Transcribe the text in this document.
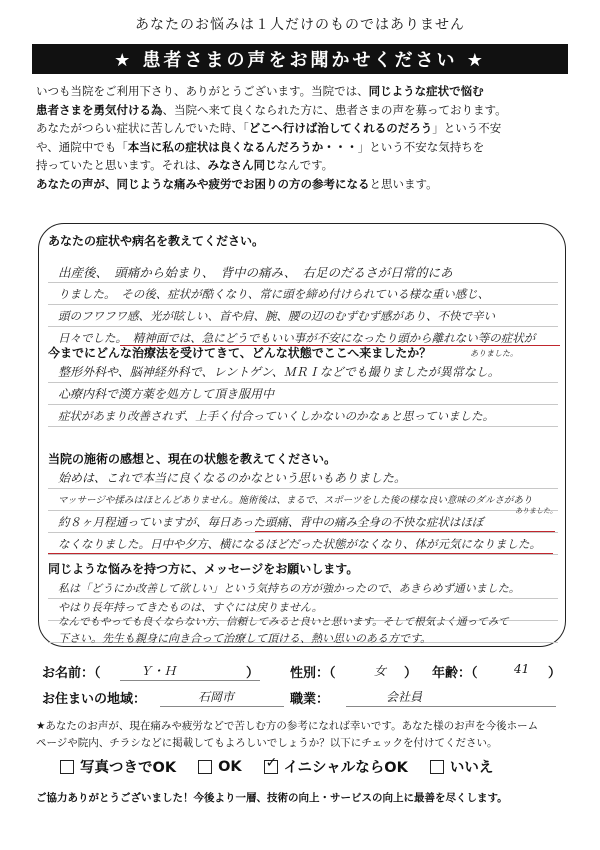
あなたのお悩みは１人だけのものではありません
★ 患者さまの声をお聞かせください ★
いつも当院をご利用下さり、ありがとうございます。当院では、同じような症状で悩む
患者さまを勇気付ける為、当院へ来て良くなられた方に、患者さまの声を募っております。
あなたがつらい症状に苦しんでいた時、「どこへ行けば治してくれるのだろう」という不安
や、通院中でも「本当に私の症状は良くなるんだろうか・・・」という不安な気持ちを
持っていたと思います。それは、みなさん同じなんです。
あなたの声が、同じような痛みや疲労でお困りの方の参考になると思います。
あなたの症状や病名を教えてください。
出産後、　頭痛から始まり、　背中の痛み、　右足のだるさが日常的にあ
りました。　その後、症状が酷くなり、常に頭を締め付けられている様な重い感じ、
頭のフワフワ感、光が眩しい、首や肩、腕、腰の辺のむずむず感があり、不快で辛い
日々でした。　精神面では、急にどうでもいい事が不安になったり頭から離れない等の症状が
ありました。
今までにどんな治療法を受けてきて、どんな状態でここへ来ましたか？
整形外科や、脳神経外科で、レントゲン、ＭＲＩなどでも撮りましたが異常なし。
心療内科で漢方薬を処方して頂き服用中
症状があまり改善されず、上手く付合っていくしかないのかなぁと思っていました。
当院の施術の感想と、現在の状態を教えてください。
始めは、これで本当に良くなるのかなという思いもありました。
マッサージや揉みはほとんどありません。施術後は、まるで、スポーツをした後の様な良い意味のダルさがあり
ありました。
約８ヶ月程通っていますが、毎日あった頭痛、背中の痛み全身の不快な症状はほぼ
なくなりました。日中や夕方、横になるほどだった状態がなくなり、体が元気になりました。
同じような悩みを持つ方に、メッセージをお願いします。
私は「どうにか改善して欲しい」という気持ちの方が強かったので、あきらめず通いました。
やはり長年持ってきたものは、すぐには戻りません。
なんでもやっても良くならない方、信頼してみると良いと思います。そして根気よく通ってみて
下さい。先生も親身に向き合って治療して頂ける、熱い思いのある方です。
お名前：（	Ｙ・Ｈ	） 性別：（	女 ） 年齢：（	41 ）
お住まいの地域：	石岡市	職業：	会社員
★あなたのお声が、現在痛みや疲労などで苦しむ方の参考になれば幸いです。あなた様のお声を今後ホーム
ページや院内、チラシなどに掲載してもよろしいでしょうか？以下にチェックを付けてください。
写真つきでOK	OK ✓ イニシャルならOK	いいえ
ご協力ありがとうございました！今後より一層、技術の向上・サービスの向上に最善を尽くします。
